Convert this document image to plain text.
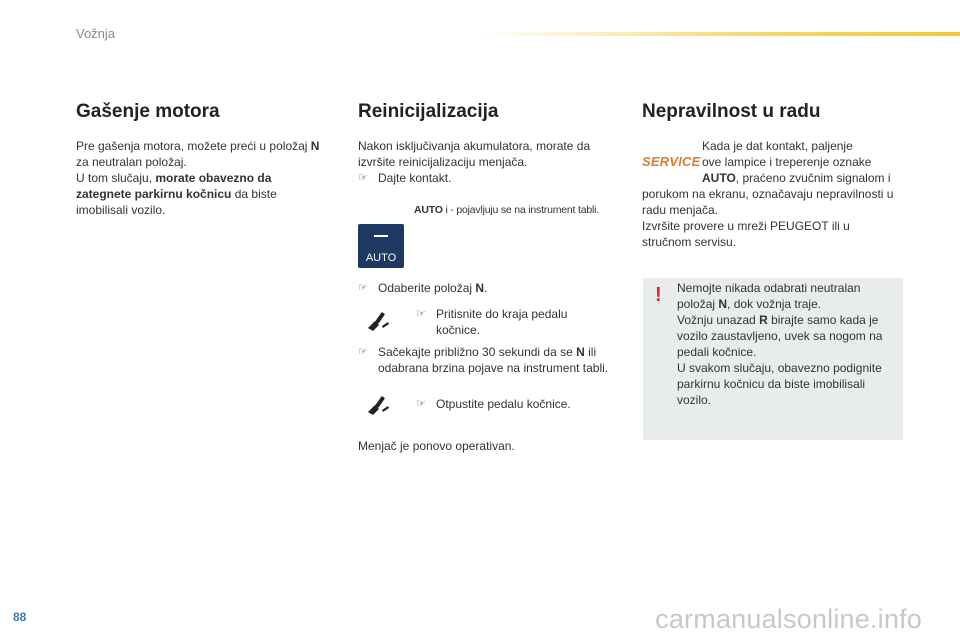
Vožnja
Gašenje motora

Pre gašenja motora, možete preći u položaj N
za neutralan položaj.
U tom slučaju, morate obavezno da
zategnete parkirnu kočnicu da biste
imobilisali vozilo.

Reinicijalizacija

Nakon isključivanja akumulatora, morate da
izvršite reinicijalizaciju menjača.

☞ Dajte kontakt.
AUTO i - pojavljuju se na instrument tabli.
AUTO
☞ Odaberite položaj N.
☞ Pritisnite do kraja pedalu
kočnice.
☞ Sačekajte približno 30 sekundi da se N ili
odabrana brzina pojave na instrument tabli.
☞ Otpustite pedalu kočnice.

Menjač je ponovo operativan.

Nepravilnost u radu
SERVICE

Kada je dat kontakt, paljenje
ove lampice i treperenje oznake
AUTO, praćeno zvučnim signalom i

porukom na ekranu, označavaju nepravilnosti u
radu menjača.
Izvršite provere u mreži PEUGEOT ili u
stručnom servisu.

! Nemojte nikada odabrati neutralan
položaj N, dok vožnja traje.
Vožnju unazad R birajte samo kada je
vozilo zaustavljeno, uvek sa nogom na
pedali kočnice.
U svakom slučaju, obavezno podignite
parkirnu kočnicu da biste imobilisali
vozilo.
88	carmanualsonline.info
